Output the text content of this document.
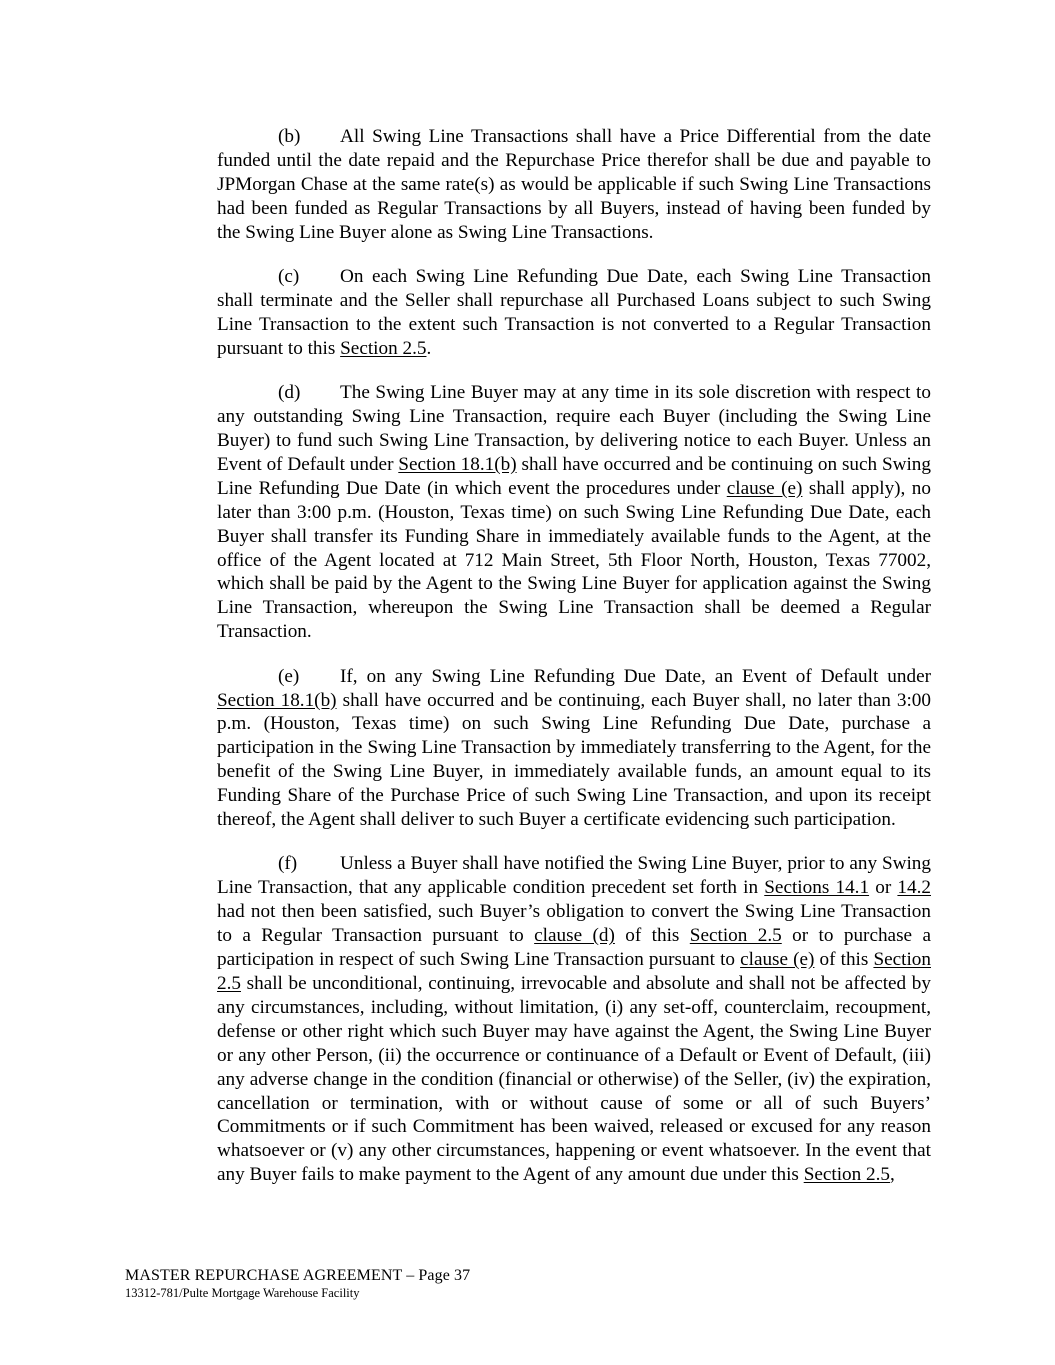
(b) All Swing Line Transactions shall have a Price Differential from the date funded until the date repaid and the Repurchase Price therefor shall be due and payable to JPMorgan Chase at the same rate(s) as would be applicable if such Swing Line Transactions had been funded as Regular Transactions by all Buyers, instead of having been funded by the Swing Line Buyer alone as Swing Line Transactions.

(c) On each Swing Line Refunding Due Date, each Swing Line Transaction shall terminate and the Seller shall repurchase all Purchased Loans subject to such Swing Line Transaction to the extent such Transaction is not converted to a Regular Transaction pursuant to this Section 2.5.

(d) The Swing Line Buyer may at any time in its sole discretion with respect to any outstanding Swing Line Transaction, require each Buyer (including the Swing Line Buyer) to fund such Swing Line Transaction, by delivering notice to each Buyer. Unless an Event of Default under Section 18.1(b) shall have occurred and be continuing on such Swing Line Refunding Due Date (in which event the procedures under clause (e) shall apply), no later than 3:00 p.m. (Houston, Texas time) on such Swing Line Refunding Due Date, each Buyer shall transfer its Funding Share in immediately available funds to the Agent, at the office of the Agent located at 712 Main Street, 5th Floor North, Houston, Texas 77002, which shall be paid by the Agent to the Swing Line Buyer for application against the Swing Line Transaction, whereupon the Swing Line Transaction shall be deemed a Regular Transaction.

(e) If, on any Swing Line Refunding Due Date, an Event of Default under Section 18.1(b) shall have occurred and be continuing, each Buyer shall, no later than 3:00 p.m. (Houston, Texas time) on such Swing Line Refunding Due Date, purchase a participation in the Swing Line Transaction by immediately transferring to the Agent, for the benefit of the Swing Line Buyer, in immediately available funds, an amount equal to its Funding Share of the Purchase Price of such Swing Line Transaction, and upon its receipt thereof, the Agent shall deliver to such Buyer a certificate evidencing such participation.

(f) Unless a Buyer shall have notified the Swing Line Buyer, prior to any Swing Line Transaction, that any applicable condition precedent set forth in Sections 14.1 or 14.2 had not then been satisfied, such Buyer’s obligation to convert the Swing Line Transaction to a Regular Transaction pursuant to clause (d) of this Section 2.5 or to purchase a participation in respect of such Swing Line Transaction pursuant to clause (e) of this Section 2.5 shall be unconditional, continuing, irrevocable and absolute and shall not be affected by any circumstances, including, without limitation, (i) any set-off, counterclaim, recoupment, defense or other right which such Buyer may have against the Agent, the Swing Line Buyer or any other Person, (ii) the occurrence or continuance of a Default or Event of Default, (iii) any adverse change in the condition (financial or otherwise) of the Seller, (iv) the expiration, cancellation or termination, with or without cause of some or all of such Buyers’ Commitments or if such Commitment has been waived, released or excused for any reason whatsoever or (v) any other circumstances, happening or event whatsoever. In the event that any Buyer fails to make payment to the Agent of any amount due under this Section 2.5,

MASTER REPURCHASE AGREEMENT – Page 37
13312-781/Pulte Mortgage Warehouse Facility
